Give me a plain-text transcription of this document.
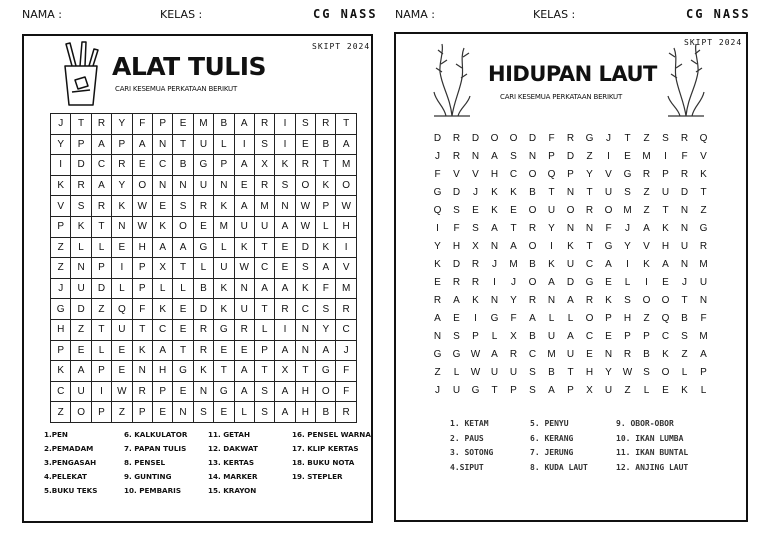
NAMA :	KELAS :	CG NASS NAMA :	KELAS :	CG NASS
SKIPT 2024
ALAT TULIS
CARI KESEMUA PERKATAAN BERIKUT
J	T	R	Y	F	P	E	M	B	A	R	I	S	R	T
Y	P	A	P	A	N	T	U	L	I	S	I	E	B	A
I	D	C	R	E	C	B	G	P	A	X	K	R	T	M
K	R	A	Y	O	N	N	U	N	E	R	S	O	K	O
V	S	R	K	W	E	S	R	K	A	M	N	W	P	W
P	K	T	N	W	K	O	E	M	U	U	A	W	L	H
Z	L	L	E	H	A	A	G	L	K	T	E	D	K	I
Z	N	P	I	P	X	T	L	U	W	C	E	S	A	V
J	U	D	L	P	L	L	B	K	N	A	A	K	F	M
G	D	Z	Q	F	K	E	D	K	U	T	R	C	S	R
H	Z	T	U	T	C	E	R	G	R	L	I	N	Y	C
P	E	L	E	K	A	T	R	E	E	P	A	N	A	J
K	A	P	E	N	H	G	K	T	A	T	X	T	G	F
C	U	I	W	R	P	E	N	G	A	S	A	H	O	F
Z	O	P	Z	P	E	N	S	E	L	S	A	H	B	R
1.PEN
2.PEMADAM
3.PENGASAH
4.PELEKAT
5.BUKU TEKS
6. KALKULATOR
7. PAPAN TULIS
8. PENSEL
9. GUNTING
10. PEMBARIS
11. GETAH
12. DAKWAT
13. KERTAS
14. MARKER
15. KRAYON
16. PENSEL WARNA
17. KLIP KERTAS
18. BUKU NOTA
19. STEPLER
SKIPT 2024
HIDUPAN LAUT
CARI KESEMUA PERKATAAN BERIKUT
D	R	D	O	O	D	F	R	G	J	T	Z	S	R	Q
J	R	N	A	S	N	P	D	Z	I	E	M	I	F	V
F	V	V	H	C	O	Q	P	Y	V	G	R	P	R	K
G	D	J	K	K	B	T	N	T	U	S	Z	U	D	T
Q	S	E	K	E	O	U	O	R	O	M	Z	T	N	Z
I	F	S	A	T	R	Y	N	N	F	J	A	K	N	G
Y	H	X	N	A	O	I	K	T	G	Y	V	H	U	R
K	D	R	J	M	B	K	U	C	A	I	K	A	N	M
E	R	R	I	J	O	A	D	G	E	L	I	E	J	U
R	A	K	N	Y	R	N	A	R	K	S	O	O	T	N
A	E	I	G	F	A	L	L	O	P	H	Z	Q	B	F
N	S	P	L	X	B	U	A	C	E	P	P	C	S	M
G	G	W	A	R	C	M	U	E	N	R	B	K	Z	A
Z	L	W	U	U	S	B	T	H	Y	W	S	O	L	P
J	U	G	T	P	S	A	P	X	U	Z	L	E	K	L
1. KETAM
2. PAUS
3. SOTONG
4.SIPUT
5. PENYU
6. KERANG
7. JERUNG
8. KUDA LAUT
9. OBOR-OBOR
10. IKAN LUMBA
11. IKAN BUNTAL
12. ANJING LAUT
